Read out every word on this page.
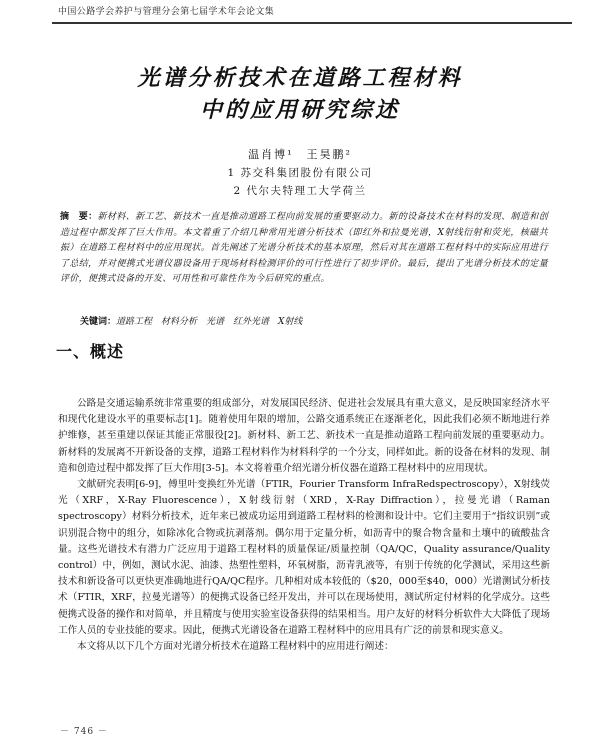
中国公路学会养护与管理分会第七届学术年会论文集
光谱分析技术在道路工程材料
中的应用研究综述
温肖博¹　王昊鹏²
1 苏交科集团股份有限公司
2 代尔夫特理工大学荷兰
摘　要：新材料、新工艺、新技术一直是推动道路工程向前发展的重要驱动力。新的设备技术在材料的发现、制造和创造过程中都发挥了巨大作用。本文着重了介绍几种常用光谱分析技术（即红外和拉曼光谱，X射线衍射和荧光，核磁共振）在道路工程材料中的应用现状。首先阐述了光谱分析技术的基本原理，然后对其在道路工程材料中的实际应用进行了总结，并对便携式光谱仪器设备用于现场材料检测评价的可行性进行了初步评价。最后，提出了光谱分析技术的定量评价，便携式设备的开发、可用性和可靠性作为今后研究的重点。
关键词：道路工程　材料分析　光谱　红外光谱　X射线
一、概述

公路是交通运输系统非常重要的组成部分，对发展国民经济、促进社会发展具有重大意义，是反映国家经济水平和现代化建设水平的重要标志[1]。随着使用年限的增加，公路交通系统正在逐渐老化，因此我们必须不断地进行养护维修，甚至重建以保证其能正常服役[2]。新材料、新工艺、新技术一直是推动道路工程向前发展的重要驱动力。新材料的发展离不开新设备的支撑，道路工程材料作为材料科学的一个分支，同样如此。新的设备在材料的发现、制造和创造过程中都发挥了巨大作用[3-5]。本文将着重介绍光谱分析仪器在道路工程材料中的应用现状。

文献研究表明[6-9]，傅里叶变换红外光谱（FTIR，Fourier Transform InfraRedspectroscopy），X射线荧光（XRF，X-Ray Fluorescence），X射线衍射（XRD，X-Ray Diffraction），拉曼光谱（Raman spectroscopy）材料分析技术，近年来已被成功运用到道路工程材料的检测和设计中。它们主要用于“指纹识别”或识别混合物中的组分，如除冰化合物或抗剥落剂。偶尔用于定量分析，如沥青中的聚合物含量和土壤中的硫酸盐含量。这些光谱技术有潜力广泛应用于道路工程材料的质量保证/质量控制（QA/QC，Quality assurance/Quality control）中，例如，测试水泥、油漆、热塑性塑料，环氧树脂，沥青乳液等，有别于传统的化学测试，采用这些新技术和新设备可以更快更准确地进行QA/QC程序。几种相对成本较低的（$20，000至$40，000）光谱测试分析技术（FTIR，XRF，拉曼光谱等）的便携式设备已经开发出，并可以在现场使用，测试所定付材料的化学成分。这些便携式设备的操作和对简单，并且精度与使用实验室设备获得的结果相当。用户友好的材料分析软件大大降低了现场工作人员的专业技能的要求。因此，便携式光谱设备在道路工程材料中的应用具有广泛的前景和现实意义。

本文将从以下几个方面对光谱分析技术在道路工程材料中的应用进行阐述：

－ 746 －
